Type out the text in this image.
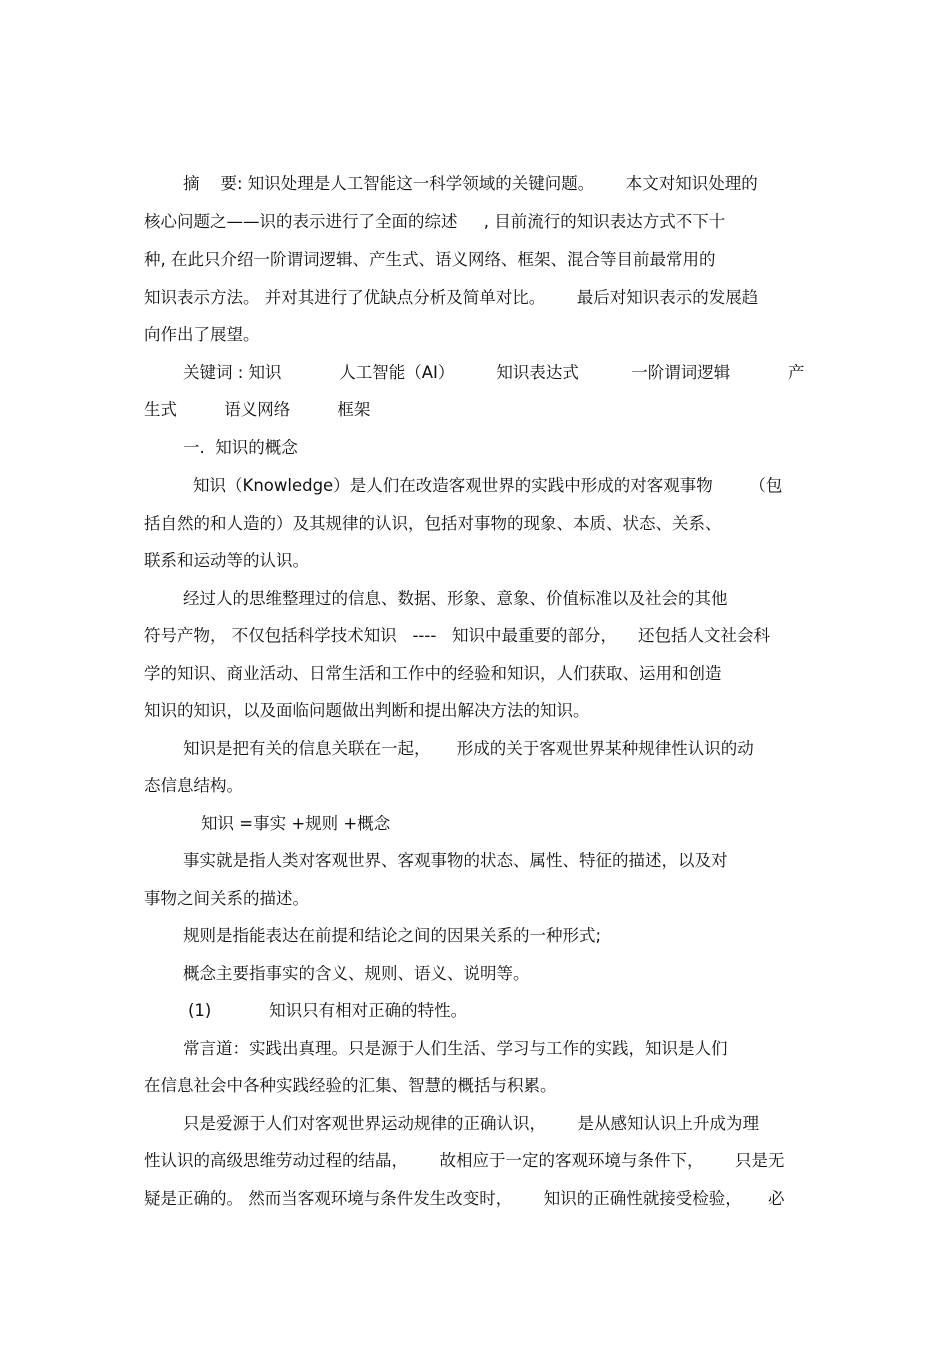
摘    要: 知识处理是人工智能这一科学领域的关键问题。      本文对知识处理的
核心问题之——识的表示进行了全面的综述     , 目前流行的知识表达方式不下十
种, 在此只介绍一阶谓词逻辑、产生式、语义网络、框架、混合等目前最常用的
知识表示方法。 并对其进行了优缺点分析及简单对比。      最后对知识表示的发展趋
向作出了展望。
关键词 : 知识           人工智能（AI）        知识表达式          一阶谓词逻辑           产
生式         语义网络         框架
一.  知识的概念
知识（Knowledge）是人们在改造客观世界的实践中形成的对客观事物       （包
括自然的和人造的）及其规律的认识，包括对事物的现象、本质、状态、关系、
联系和运动等的认识。
经过人的思维整理过的信息、数据、形象、意象、价值标准以及社会的其他
符号产物， 不仅包括科学技术知识   ----   知识中最重要的部分，    还包括人文社会科
学的知识、商业活动、日常生活和工作中的经验和知识，人们获取、运用和创造
知识的知识，以及面临问题做出判断和提出解决方法的知识。
知识是把有关的信息关联在一起，     形成的关于客观世界某种规律性认识的动
态信息结构。
知识 =事实 +规则 +概念
事实就是指人类对客观世界、客观事物的状态、属性、特征的描述，以及对
事物之间关系的描述。
规则是指能表达在前提和结论之间的因果关系的一种形式;
概念主要指事实的含义、规则、语义、说明等。
(1)           知识只有相对正确的特性。
常言道：实践出真理。只是源于人们生活、学习与工作的实践，知识是人们
在信息社会中各种实践经验的汇集、智慧的概括与积累。
只是爱源于人们对客观世界运动规律的正确认识，      是从感知认识上升成为理
性认识的高级思维劳动过程的结晶，      故相应于一定的客观环境与条件下，      只是无
疑是正确的。 然而当客观环境与条件发生改变时，      知识的正确性就接受检验，     必
